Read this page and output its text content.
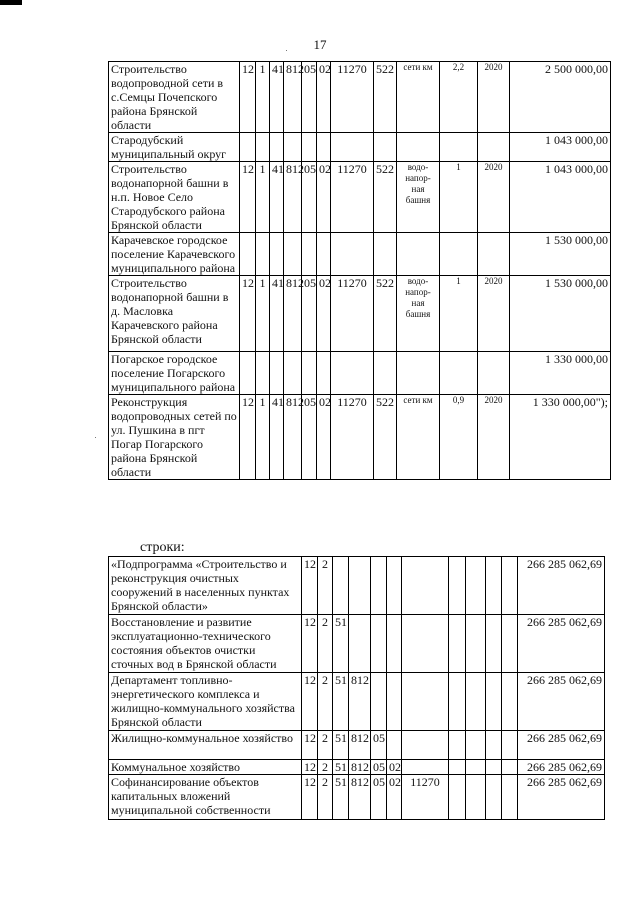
17
Строительство водопроводной сети в с.Семцы Почепского района Брянской области	12	1	41	812	05	02	11270	522	сети км	2,2	2020	2 500 000,00
Стародубский муниципальный округ												1 043 000,00
Строительство водонапорной башни в н.п. Новое Село Стародубского района Брянской области	12	1	41	812	05	02	11270	522	водо-напор-ная башня	1	2020	1 043 000,00
Карачевское городское поселение Карачевского муниципального района												1 530 000,00
Строительство водонапорной башни в д. Масловка Карачевского района Брянской области	12	1	41	812	05	02	11270	522	водо-напор-ная башня	1	2020	1 530 000,00
Погарское городское поселение Погарского муниципального района												1 330 000,00
Реконструкция водопроводных сетей по ул. Пушкина в пгт Погар Погарского района Брянской области	12	1	41	812	05	02	11270	522	сети км	0,9	2020	1 330 000,00");
строки:
«Подпрограмма «Строительство и реконструкция очистных сооружений в населенных пунктах Брянской области»	12	2										266 285 062,69
Восстановление и развитие эксплуатационно-технического состояния объектов очистки сточных вод в Брянской области	12	2	51									266 285 062,69
Департамент топливно-энергетического комплекса и жилищно-коммунального хозяйства Брянской области	12	2	51	812								266 285 062,69
Жилищно-коммунальное хозяйство	12	2	51	812	05							266 285 062,69
Коммунальное хозяйство	12	2	51	812	05	02						266 285 062,69
Софинансирование объектов капитальных вложений муниципальной собственности	12	2	51	812	05	02	11270					266 285 062,69
